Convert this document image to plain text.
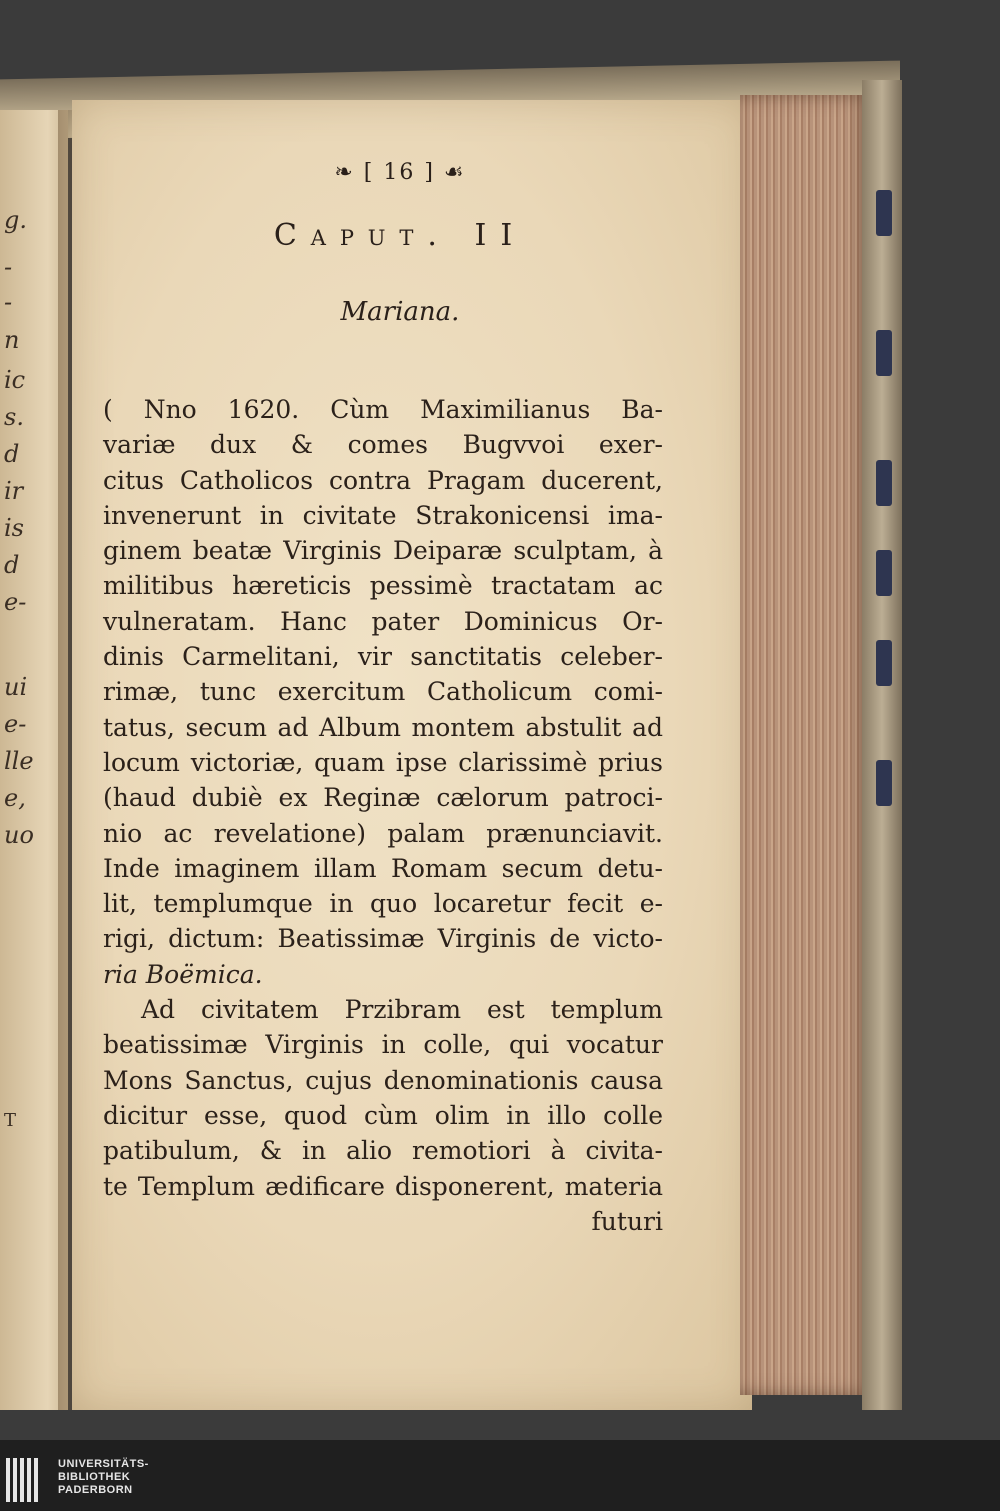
g.
-
-
n
ic
s.
d
ir
is
d
e-
ui
e-
lle
e,
uo
T
❧ [ 16 ] ☙
Caput. II
Mariana.
( Nno 1620. Cùm Maximilianus Ba-
variæ dux & comes Bugvvoi exer-
citus Catholicos contra Pragam ducerent,
invenerunt in civitate Strakonicensi ima-
ginem beatæ Virginis Deiparæ sculptam, à
militibus hæreticis pessimè tractatam ac
vulneratam. Hanc pater Dominicus Or-
dinis Carmelitani, vir sanctitatis celeber-
rimæ, tunc exercitum Catholicum comi-
tatus, secum ad Album montem abstulit ad
locum victoriæ, quam ipse clarissimè prius
(haud dubiè ex Reginæ cælorum patroci-
nio ac revelatione) palam prænunciavit.
Inde imaginem illam Romam secum detu-
lit, templumque in quo locaretur fecit e-
rigi, dictum: Beatissimæ Virginis de victo-
ria Boëmica.
Ad civitatem Przibram est templum
beatissimæ Virginis in colle, qui vocatur
Mons Sanctus, cujus denominationis causa
dicitur esse, quod cùm olim in illo colle
patibulum, & in alio remotiori à civita-
te Templum ædificare disponerent, materia
futuri
UNIVERSITÄTS-
BIBLIOTHEK
PADERBORN
